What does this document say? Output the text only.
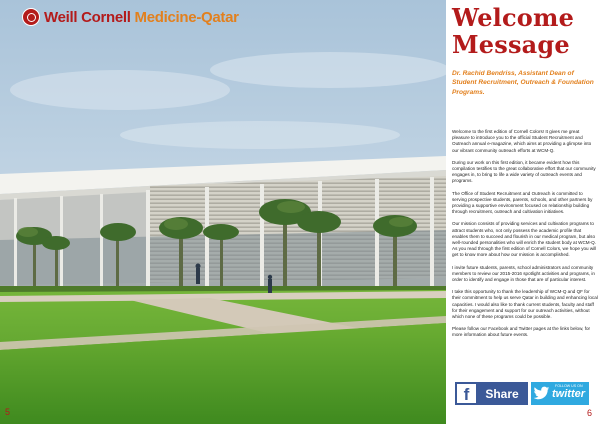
Weill Cornell Medicine-Qatar
5
Welcome Message

Dr. Rachid Bendriss, Assistant Dean of Student Recruitment, Outreach & Foundation Programs.

Welcome to the first edition of Cornell Colors! It gives me great pleasure to introduce you to the official Student Recruitment and Outreach annual e-magazine, which aims at providing a glimpse into our vibrant community outreach efforts at WCM-Q.

During our work on this first edition, it became evident how this compilation testifies to the great collaborative effort that our community engages in, to bring to life a wide variety of outreach events and programs.

The Office of Student Recruitment and Outreach is committed to serving prospective students, parents, schools, and other partners by providing a supportive environment focused on relationship building through recruitment, outreach and cultivation initiatives.

Our mission consists of providing services and cultivation programs to attract students who, not only possess the academic profile that enables them to succeed and flourish in our medical program, but also well-rounded personalities who will enrich the student body at WCM-Q. As you read through the first edition of Cornell Colors, we hope you will get to know more about how our mission is accomplished.

I invite future students, parents, school administrators and community members to review our 2015-2016 spotlight activities and programs, in order to identify and engage in those that are of particular interest.

I take this opportunity to thank the leadership of WCM-Q and QF for their commitment to help us serve Qatar in building and enhancing local capacities. I would also like to thank current students, faculty and staff for their engagement and support for our outreach activities, without which none of these programs could be possible.

Please follow our Facebook and Twitter pages at the links below, for more information about future events.

f	Share
FOLLOW US ON
twitter
6
